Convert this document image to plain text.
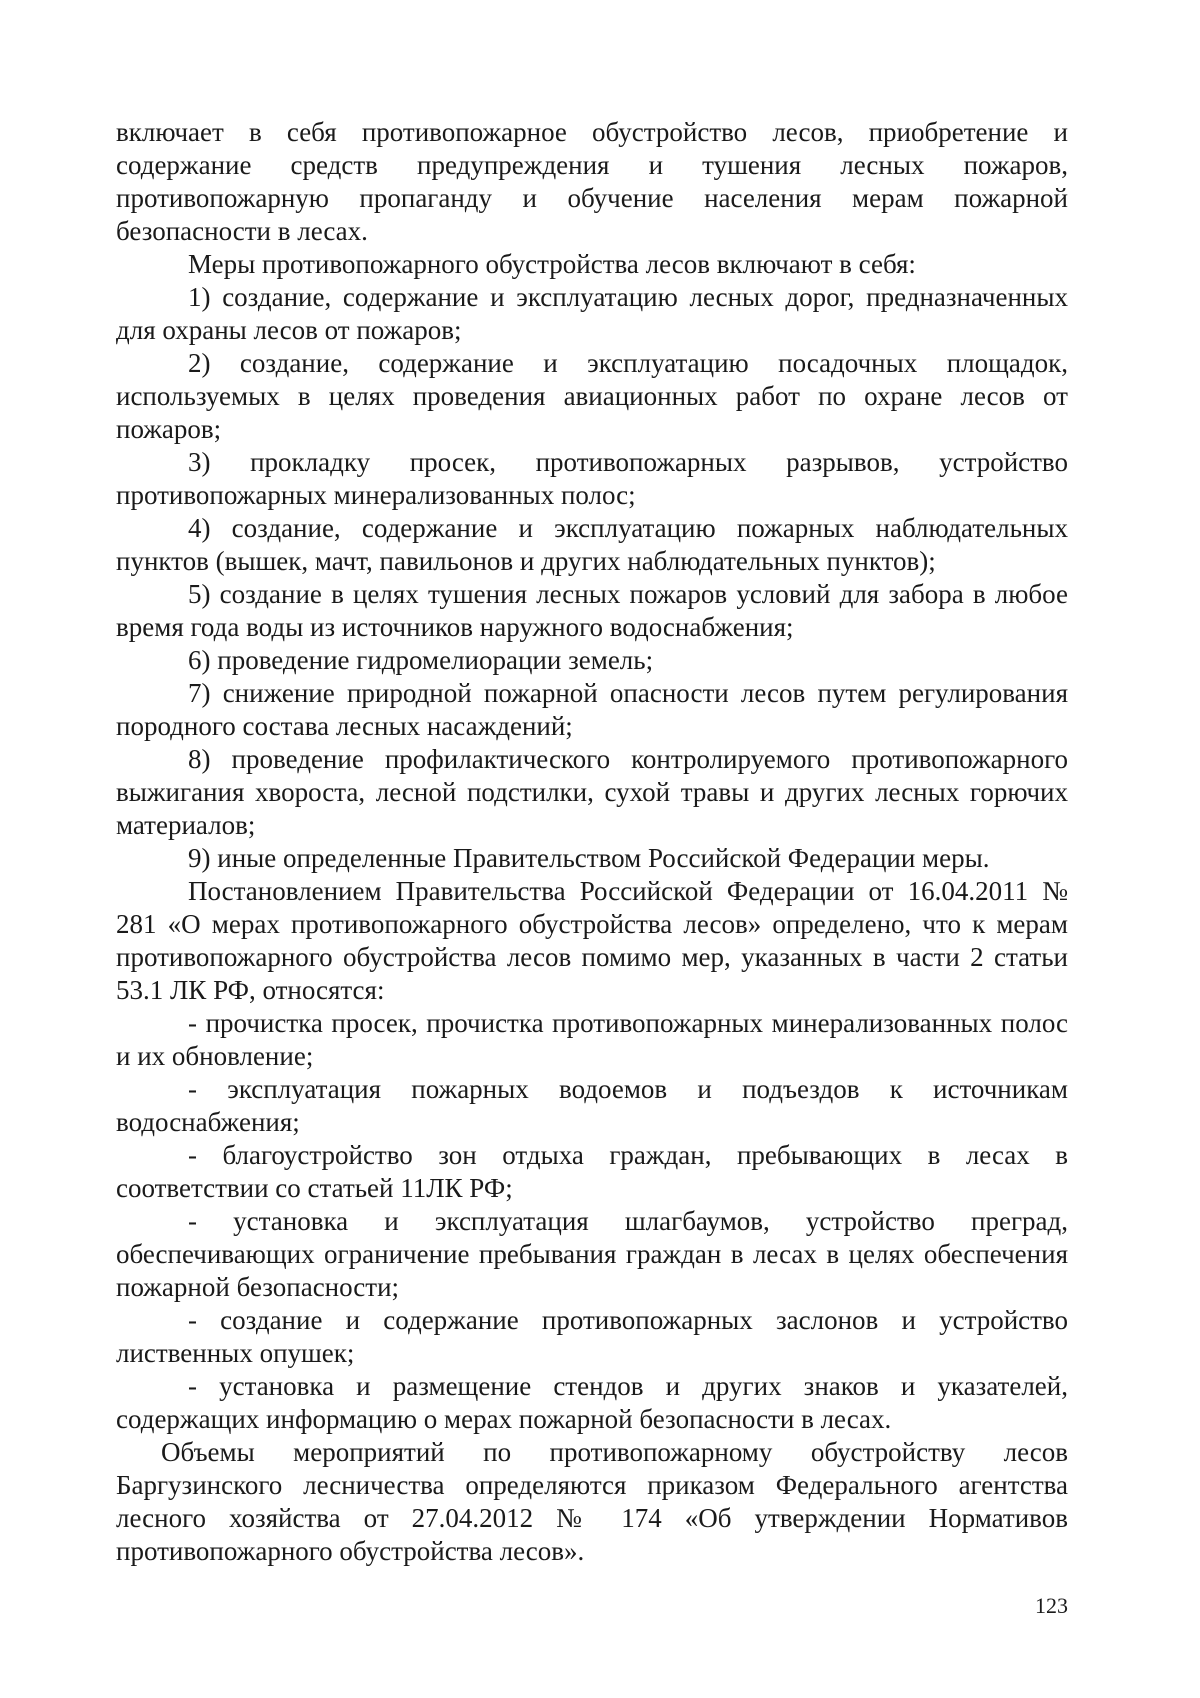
включает в себя противопожарное обустройство лесов, приобретение и содержание средств предупреждения и тушения лесных пожаров, противопожарную пропаганду и обучение населения мерам пожарной безопасности в лесах.

Меры противопожарного обустройства лесов включают в себя:

1) создание, содержание и эксплуатацию лесных дорог, предназначенных для охраны лесов от пожаров;

2) создание, содержание и эксплуатацию посадочных площадок, используемых в целях проведения авиационных работ по охране лесов от пожаров;

3) прокладку просек, противопожарных разрывов, устройство противопожарных минерализованных полос;

4) создание, содержание и эксплуатацию пожарных наблюдательных пунктов (вышек, мачт, павильонов и других наблюдательных пунктов);

5) создание в целях тушения лесных пожаров условий для забора в любое время года воды из источников наружного водоснабжения;

6) проведение гидромелиорации земель;

7) снижение природной пожарной опасности лесов путем регулирования породного состава лесных насаждений;

8) проведение профилактического контролируемого противопожарного выжигания хвороста, лесной подстилки, сухой травы и других лесных горючих материалов;

9) иные определенные Правительством Российской Федерации меры.

Постановлением Правительства Российской Федерации от 16.04.2011 № 281 «О мерах противопожарного обустройства лесов» определено, что к мерам противопожарного обустройства лесов помимо мер, указанных в части 2 статьи 53.1 ЛК РФ, относятся:

- прочистка просек, прочистка противопожарных минерализованных полос и их обновление;

- эксплуатация пожарных водоемов и подъездов к источникам водоснабжения;

- благоустройство зон отдыха граждан, пребывающих в лесах в соответствии со статьей 11ЛК РФ;

- установка и эксплуатация шлагбаумов, устройство преград, обеспечивающих ограничение пребывания граждан в лесах в целях обеспечения пожарной безопасности;

- создание и содержание противопожарных заслонов и устройство лиственных опушек;

- установка и размещение стендов и других знаков и указателей, содержащих информацию о мерах пожарной безопасности в лесах.

Объемы мероприятий по противопожарному обустройству лесов Баргузинского лесничества определяются приказом Федерального агентства лесного хозяйства от 27.04.2012 № 174 «Об утверждении Нормативов противопожарного обустройства лесов».

123
